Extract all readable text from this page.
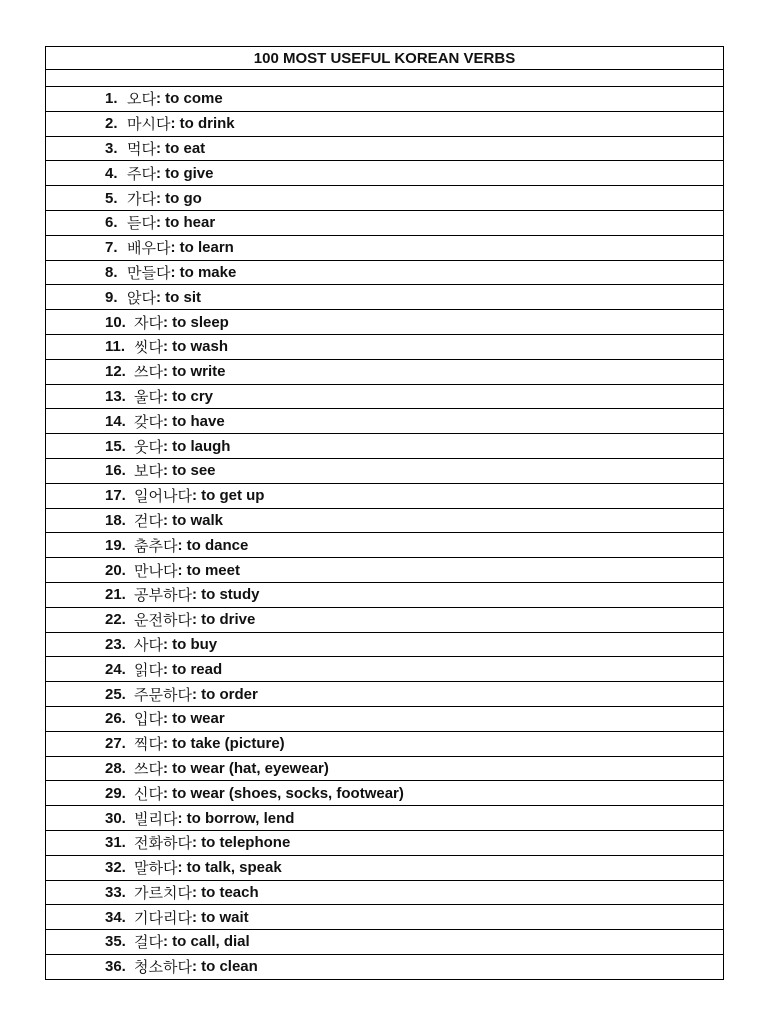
100 MOST USEFUL KOREAN VERBS
1. 오다 : to come
2. 마시다 : to drink
3. 먹다 : to eat
4. 주다 : to give
5. 가다 : to go
6. 듣다 : to hear
7. 배우다 : to learn
8. 만들다 : to make
9. 앉다 : to sit
10. 자다 : to sleep
11. 씻다 : to wash
12. 쓰다 : to write
13. 울다 : to cry
14. 갖다 : to have
15. 웃다 : to laugh
16. 보다 : to see
17. 일어나다 : to get up
18. 걷다 : to walk
19. 춤추다 : to dance
20. 만나다 : to meet
21. 공부하다 : to study
22. 운전하다 : to drive
23. 사다 : to buy
24. 읽다 : to read
25. 주문하다 : to order
26. 입다 : to wear
27. 찍다 : to take (picture)
28. 쓰다 : to wear (hat, eyewear)
29. 신다 : to wear (shoes, socks, footwear)
30. 빌리다 : to borrow, lend
31. 전화하다 : to telephone
32. 말하다 : to talk, speak
33. 가르치다 : to teach
34. 기다리다 : to wait
35. 걸다 : to call, dial
36. 청소하다 : to clean
